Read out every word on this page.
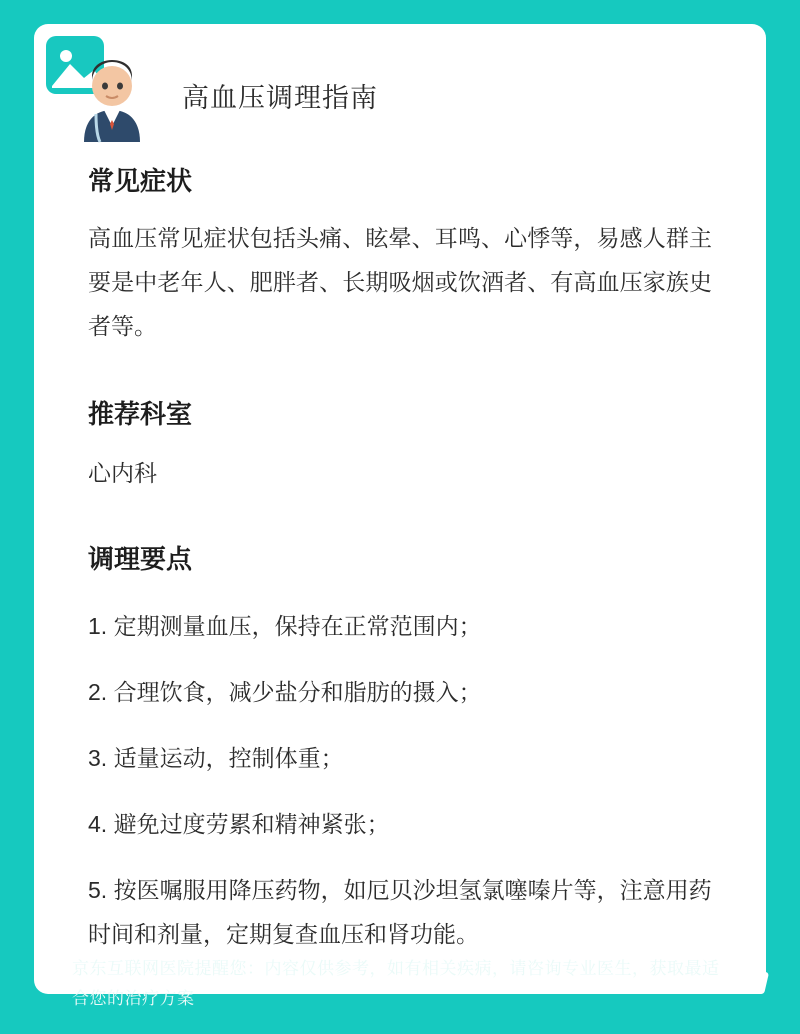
高血压调理指南
常见症状
高血压常见症状包括头痛、眩晕、耳鸣、心悸等，易感人群主要是中老年人、肥胖者、长期吸烟或饮酒者、有高血压家族史者等。
推荐科室
心内科
调理要点
1. 定期测量血压，保持在正常范围内；
2. 合理饮食，减少盐分和脂肪的摄入；
3. 适量运动，控制体重；
4. 避免过度劳累和精神紧张；
5. 按医嘱服用降压药物，如厄贝沙坦氢氯噻嗪片等，注意用药时间和剂量，定期复查血压和肾功能。
i	京东互联网医院提醒您：内容仅供参考，如有相关疾病，请咨询专业医生，获取最适合您的治疗方案
